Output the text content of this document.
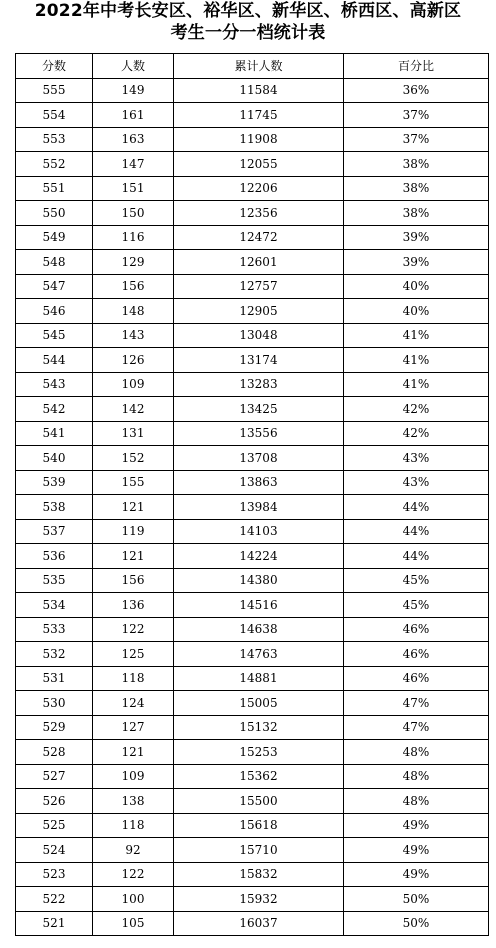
2022年中考长安区、裕华区、新华区、桥西区、高新区
考生一分一档统计表
分数	人数	累计人数	百分比
555	149	11584	36%
554	161	11745	37%
553	163	11908	37%
552	147	12055	38%
551	151	12206	38%
550	150	12356	38%
549	116	12472	39%
548	129	12601	39%
547	156	12757	40%
546	148	12905	40%
545	143	13048	41%
544	126	13174	41%
543	109	13283	41%
542	142	13425	42%
541	131	13556	42%
540	152	13708	43%
539	155	13863	43%
538	121	13984	44%
537	119	14103	44%
536	121	14224	44%
535	156	14380	45%
534	136	14516	45%
533	122	14638	46%
532	125	14763	46%
531	118	14881	46%
530	124	15005	47%
529	127	15132	47%
528	121	15253	48%
527	109	15362	48%
526	138	15500	48%
525	118	15618	49%
524	92	15710	49%
523	122	15832	49%
522	100	15932	50%
521	105	16037	50%
